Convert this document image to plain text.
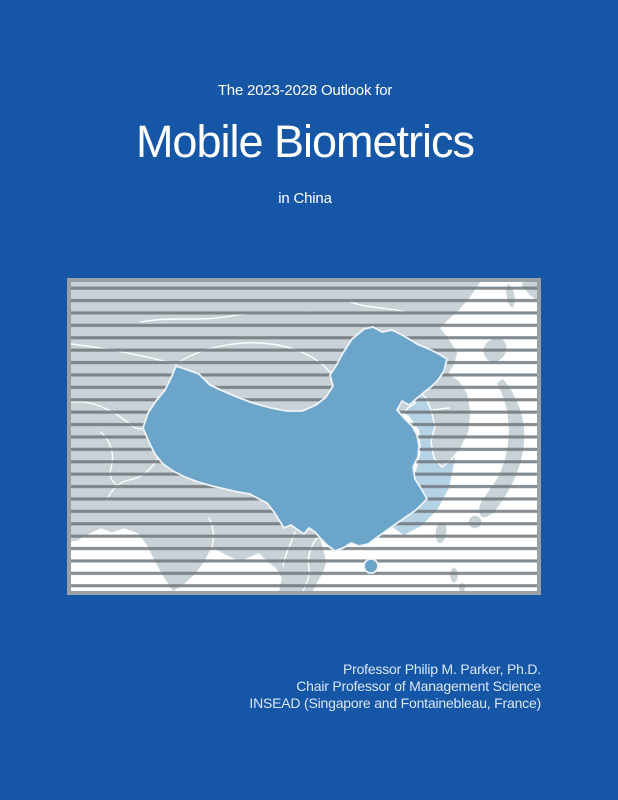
The 2023-2028 Outlook for
Mobile Biometrics
in China
Professor Philip M. Parker, Ph.D.
Chair Professor of Management Science
INSEAD (Singapore and Fontainebleau, France)
